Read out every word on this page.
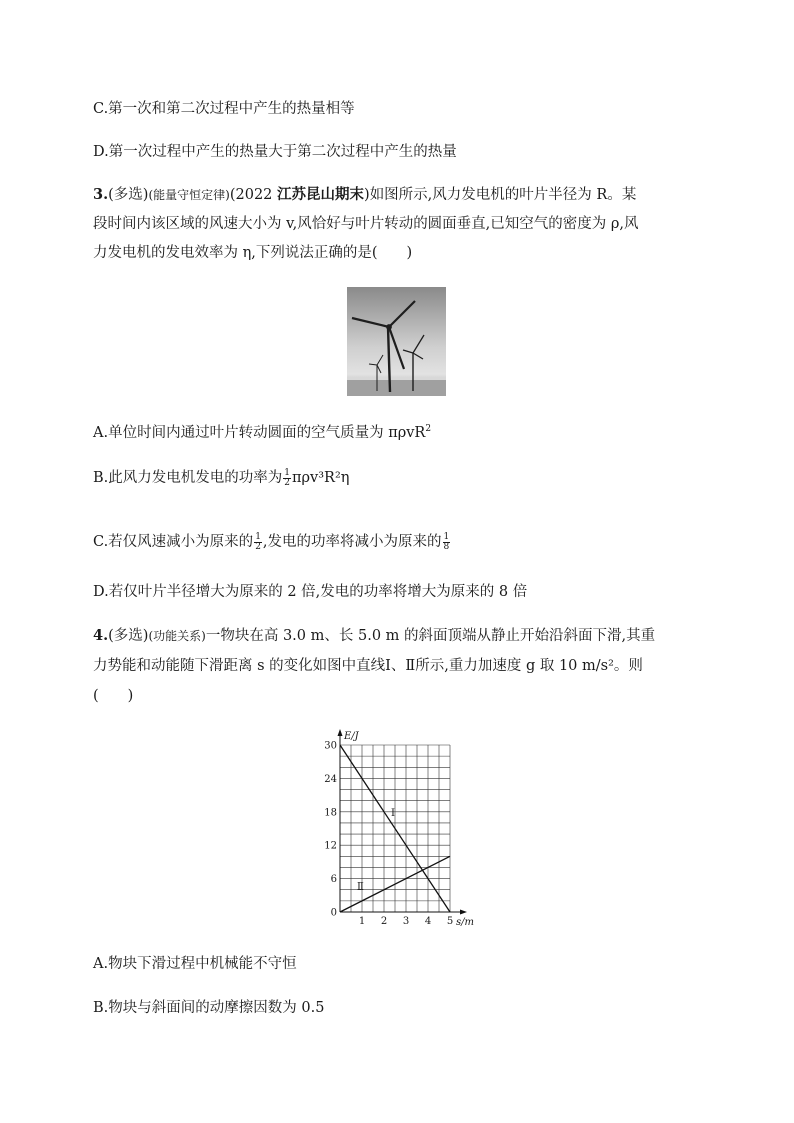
C.第一次和第二次过程中产生的热量相等
D.第一次过程中产生的热量大于第二次过程中产生的热量
3.(多选)(能量守恒定律)(2022 江苏昆山期末)如图所示,风力发电机的叶片半径为 R。某
段时间内该区域的风速大小为 v,风恰好与叶片转动的圆面垂直,已知空气的密度为 ρ,风
力发电机的发电效率为 η,下列说法正确的是(　　)
A.单位时间内通过叶片转动圆面的空气质量为 πρvR$^2$
B.此风力发电机发电的功率为 $\frac{1}{2} \pi\rho v^3R^2\eta$
C.若仅风速减小为原来的 $\frac{1}{2}$ ,发电的功率将减小为原来的 $\frac{1}{8}$
D.若仅叶片半径增大为原来的 2 倍,发电的功率将增大为原来的 8 倍
4.(多选)(功能关系)一物块在高 3.0 m、长 5.0 m 的斜面顶端从静止开始沿斜面下滑,其重
力势能和动能随下滑距离 s 的变化如图中直线Ⅰ、Ⅱ所示,重力加速度 g 取 10 m/s²。则
(　　)
1 2 3 4 5
0
6
12
18
24
30
E/J
s/m
Ⅰ
Ⅱ
A.物块下滑过程中机械能不守恒
B.物块与斜面间的动摩擦因数为 0.5
